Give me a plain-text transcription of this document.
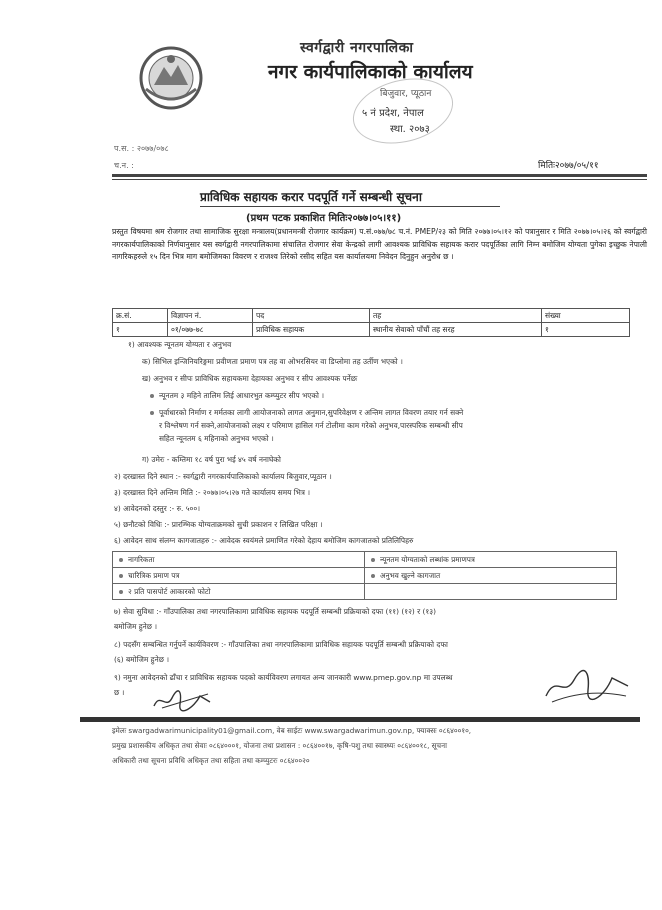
स्वर्गद्वारी नगरपालिका
नगर कार्यपालिकाको कार्यालय
बिजुवार, प्यूठान
५ नं प्रदेश, नेपाल
स्था. २०७३
प.स. : २०७७/०७८
च.न. :	मितिः२०७७/०५/११
प्राविधिक सहायक करार पदपूर्ति गर्ने सम्बन्धी सूचना
(प्रथम पटक प्रकाशित मितिः२०७७।०५।११)
प्रस्तुत विषयमा श्रम रोजगार तथा सामाजिक सुरक्षा मन्त्रालय(प्रधानमन्त्री रोजगार कार्यक्रम) प.सं.०७७/७८ च.नं. PMEP/२३ को मिति २०७७।०५।१२ को पत्रानुसार र मिति २०७७।०५।२६ को स्वर्गद्वारी नगरकार्यपालिकाको निर्णयानुसार यस स्वर्गद्वारी नगरपालिकामा संचालित रोजगार सेवा केन्द्रको लागी आवश्यक प्राविधिक सहायक करार पदपूर्तिका लागि निम्न बमोजिम योग्यता पुगेका इच्छुक नेपाली नागरिकहरुले १५ दिन भित्र माग बमोजिमका विवरण र राजश्व तिरेको रसीद सहित यस कार्यालयमा निवेदन दिनुहुन अनुरोध छ ।
क्र.सं.	विज्ञापन नं.	पद	तह	संख्या
१	०१/०७७-७८	प्राविधिक सहायक	स्थानीय सेवाको पाँचौं तह सरह	१
१) आवश्यक न्यूनतम योग्यता र अनुभव
क) सिभिल इन्जिनियरिङ्गमा प्रवीणता प्रमाण पत्र तह वा ओभरसियर वा डिप्लोमा तह उर्तीण भएको ।
ख) अनुभव र सीपः प्राविधिक सहायकमा देहायका अनुभव र सीप आवश्यक पर्नेछः
न्यूनतम ३ महिने तालिम लिई आधारभुत कम्प्युटर सीप भएको ।
पूर्वाधारको निर्माण र मर्मतका लागी आयोजनाको लागत अनुमान,सुपरिवेक्षण र अन्तिम लागत विवरण तयार गर्न सक्ने
र विश्लेषण गर्न सक्ने,आयोजनाको लक्ष्य र परिमाण हासिल गर्न टोलीमा काम गरेको अनुभव,पारस्परिक सम्बन्धी सीप
सहित न्यूनतम ६ महिनाको अनुभव भएको ।
ग) उमेरः - कम्तिमा १८ वर्ष पुरा भई ४५ वर्ष ननाघेको
२) दरखास्त दिने स्थान :- स्वर्गद्वारी नगरकार्यपालिकाको कार्यालय बिजुवार,प्यूठान ।
३) दरखास्त दिने अन्तिम मिति :- २०७७।०५।२७ गते कार्यालय समय भित्र ।
४) आवेदनको दस्तुर :- रु. ५००।
५) छनौटको विधिः :- प्रारम्भिक योग्यताक्रमको सुची प्रकाशन र लिखित परिक्षा ।
६) आवेदन साथ संलग्न कागजातहरु :- आवेदक स्वयंमले प्रमाणित गरेको देहाय बमोजिम कागजातको प्रतिलिपिहरु
नागरिकता	न्यूनतम योग्यताको लब्धांक प्रमाणपत्र
चारित्रिक प्रमाण पत्र	अनुभव खुल्ने कागजात
२ प्रति पासपोर्ट आकारको फोटो	
७) सेवा सुविधा :- गाँउपालिका तथा नगरपालिकामा प्राविधिक सहायक पदपूर्ति सम्बन्धी प्रक्रियाको दफा (११) (१२) र (१३)
बमोजिम हुनेछ ।
८) पदसँग सम्बन्धित गर्नुपर्ने कार्यविवरण :- गाँउपालिका तथा नगरपालिकामा प्राविधिक सहायक पदपूर्ति सम्बन्धी प्रक्रियाको दफा
(६) बमोजिम हुनेछ ।
९) नमुना आवेदनको ढाँचा र प्राविधिक सहायक पदको कार्यविवरण लगायत अन्य जानकारी www.pmep.gov.np मा उपलब्ध
छ ।
इमेलः swargadwarimunicipality01@gmail.com, वेब साईटः www.swargadwarimun.gov.np, फ्याक्सः ०८६४००१०,
प्रमुख प्रशासकीय अधिकृत तथा सेवाः ०८६४०००१, योजना तथा प्रशासन : ०८६४००१७, कृषि-पशु तथा स्वास्थ्यः ०८६४००१८, सूचना
अधिकारी तथा सूचना प्रविधि अधिकृत तथा सहिता तथा कम्प्युटरः ०८६४००२०
